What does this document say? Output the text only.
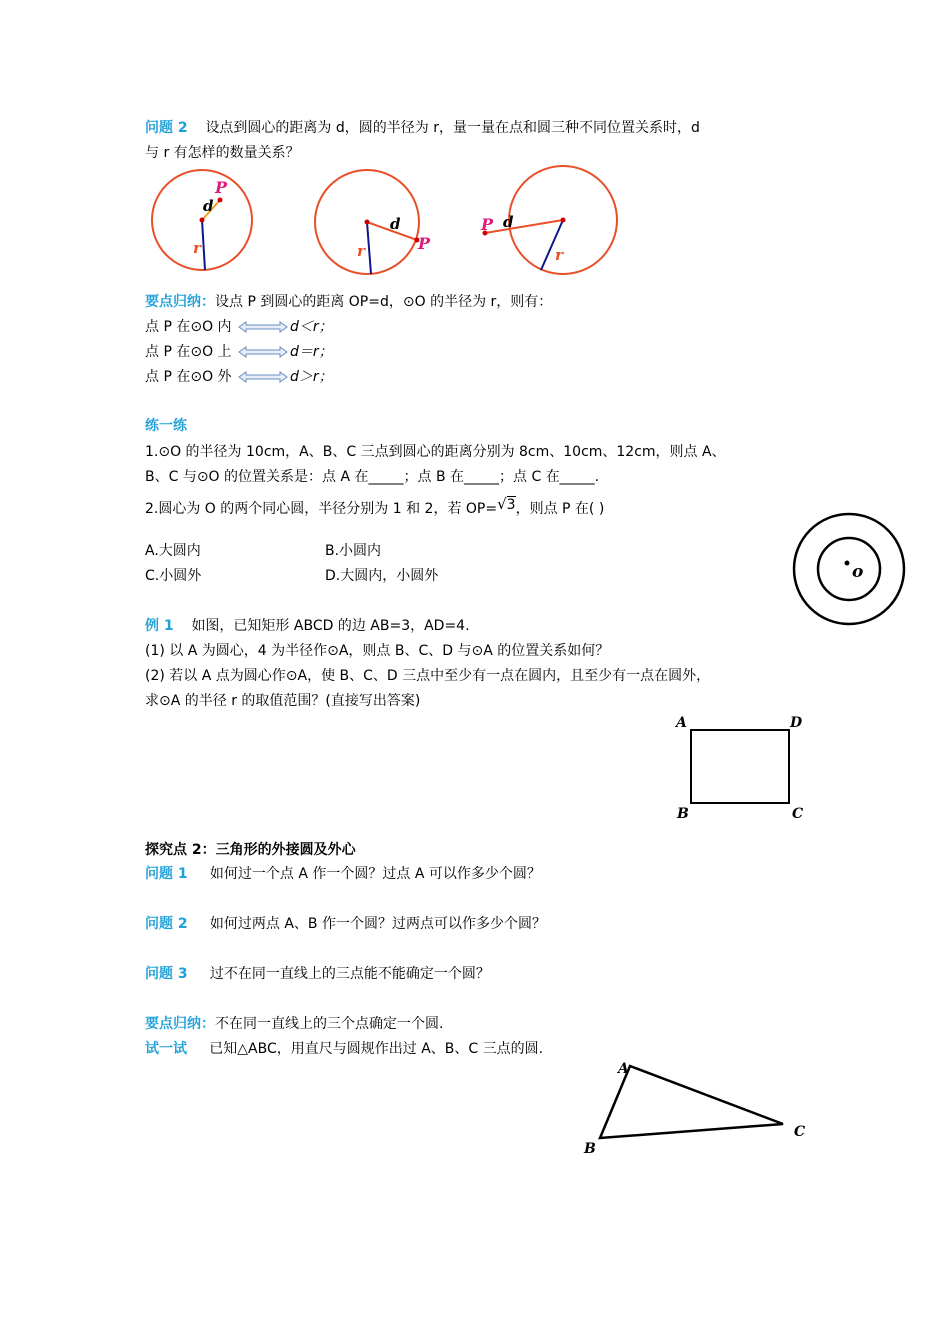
问题 2 设点到圆心的距离为 d，圆的半径为 r，量一量在点和圆三种不同位置关系时，d
与 r 有怎样的数量关系？
P
d
r	P
d
r
P d
r
要点归纳：设点 P 到圆心的距离 OP=d，⊙O 的半径为 r，则有：
点 P 在⊙O 内	d＜r；
点 P 在⊙O 上	d＝r；
点 P 在⊙O 外	d＞r；
练一练
1.⊙O 的半径为 10cm，A、B、C 三点到圆心的距离分别为 8cm、10cm、12cm，则点 A、
B、C 与⊙O 的位置关系是：点 A 在_____；点 B 在_____；点 C 在_____.
2.圆心为 O 的两个同心圆，半径分别为 1 和 2，若 OP=√3，则点 P 在( )
A.大圆内	B.小圆内
C.小圆外	D.大圆内，小圆外	o
例 1 如图，已知矩形 ABCD 的边 AB=3，AD=4.
(1) 以 A 为圆心，4 为半径作⊙A，则点 B、C、D 与⊙A 的位置关系如何？
(2) 若以 A 点为圆心作⊙A，使 B、C、D 三点中至少有一点在圆内，且至少有一点在圆外，
求⊙A 的半径 r 的取值范围？(直接写出答案)
A	D
B	C
探究点 2：三角形的外接圆及外心
问题 1 如何过一个点 A 作一个圆？过点 A 可以作多少个圆？
问题 2 如何过两点 A、B 作一个圆？过两点可以作多少个圆？
问题 3 过不在同一直线上的三点能不能确定一个圆？
要点归纳：不在同一直线上的三个点确定一个圆.
试一试 已知△ABC，用直尺与圆规作出过 A、B、C 三点的圆.
A
C
B
